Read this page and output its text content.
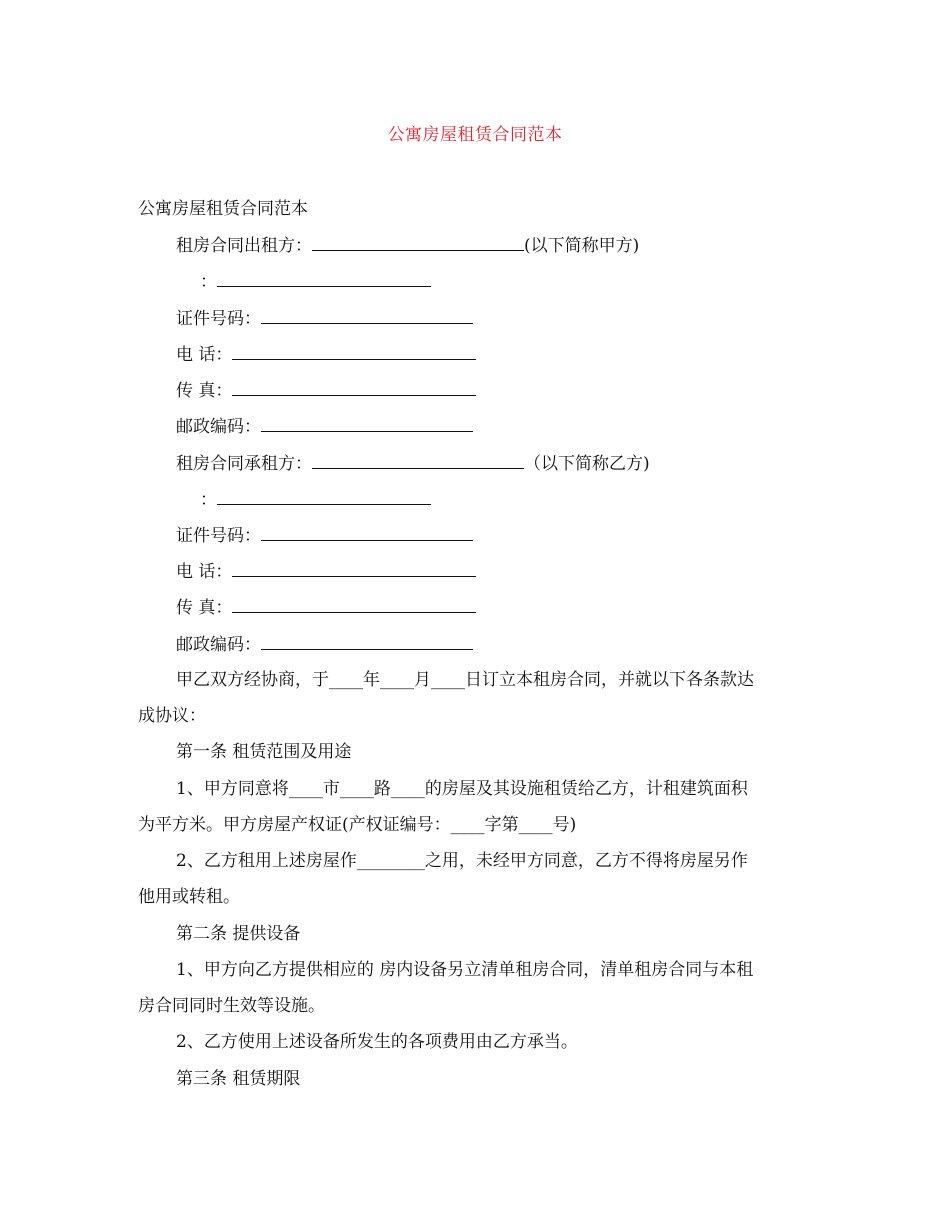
公寓房屋租赁合同范本
公寓房屋租赁合同范本
租房合同出租方：	(以下简称甲方)
：
证件号码：
电 话：
传 真：
邮政编码：
租房合同承租方：	（以下简称乙方)
：
证件号码：
电 话：
传 真：
邮政编码：
甲乙双方经协商，于____年____月____日订立本租房合同，并就以下各条款达
成协议：
第一条 租赁范围及用途
1、甲方同意将____市____路____的房屋及其设施租赁给乙方，计租建筑面积
为平方米。甲方房屋产权证(产权证编号：____字第____号)
2、乙方租用上述房屋作________之用，未经甲方同意，乙方不得将房屋另作
他用或转租。
第二条 提供设备
1、甲方向乙方提供相应的 房内设备另立清单租房合同，清单租房合同与本租
房合同同时生效等设施。
2、乙方使用上述设备所发生的各项费用由乙方承当。
第三条 租赁期限
